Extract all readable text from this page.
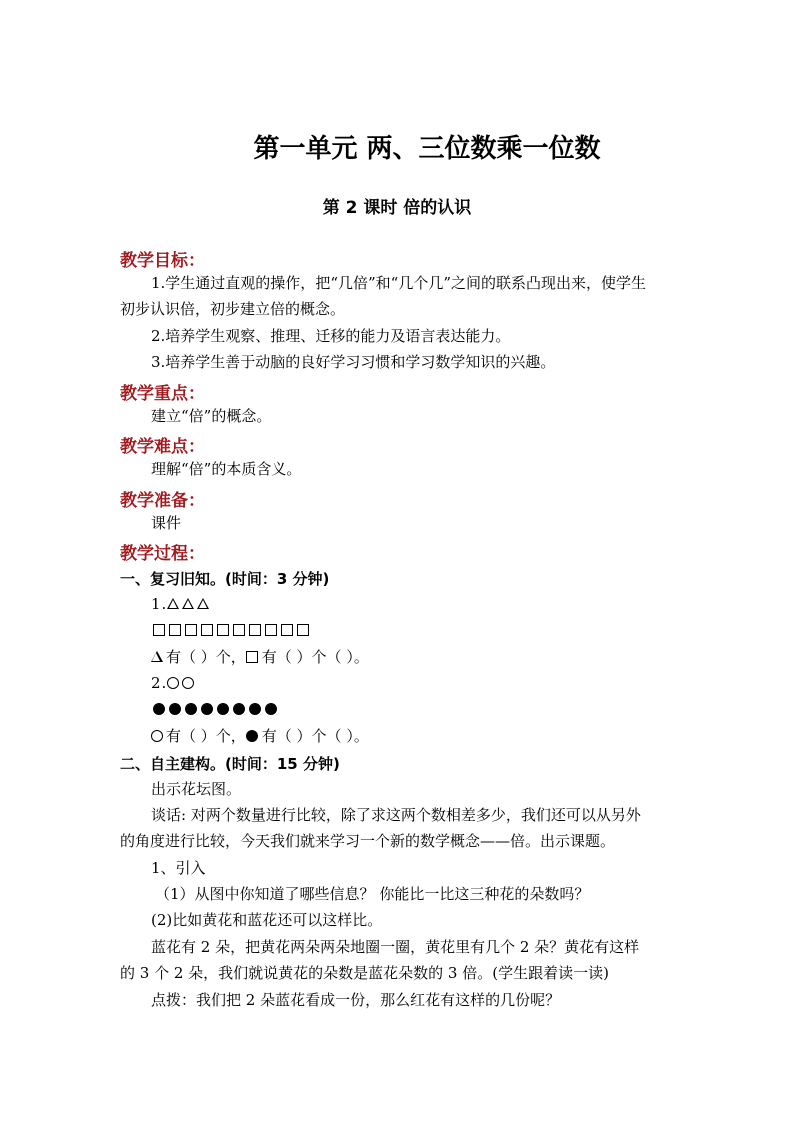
第一单元 两、三位数乘一位数
第 2 课时 倍的认识
教学目标：
1.学生通过直观的操作，把“几倍”和“几个几”之间的联系凸现出来，使学生
初步认识倍，初步建立倍的概念。
2.培养学生观察、推理、迁移的能力及语言表达能力。
3.培养学生善于动脑的良好学习习惯和学习数学知识的兴趣。
教学重点：
建立“倍”的概念。
教学难点：
理解“倍”的本质含义。
教学准备：
课件
教学过程：
一、复习旧知。(时间：3 分钟)
1.
有（ ）个， 有（ ）个（ ）。
2.
有（ ）个， 有（ ）个（ ）。
二、自主建构。(时间：15 分钟)
出示花坛图。
谈话: 对两个数量进行比较，除了求这两个数相差多少，我们还可以从另外
的角度进行比较，今天我们就来学习一个新的数学概念——倍。出示课题。
1、引入
（1）从图中你知道了哪些信息？ 你能比一比这三种花的朵数吗？
(2)比如黄花和蓝花还可以这样比。
蓝花有 2 朵，把黄花两朵两朵地圈一圈，黄花里有几个 2 朵？黄花有这样
的 3 个 2 朵，我们就说黄花的朵数是蓝花朵数的 3 倍。(学生跟着读一读)
点拨：我们把 2 朵蓝花看成一份，那么红花有这样的几份呢？
